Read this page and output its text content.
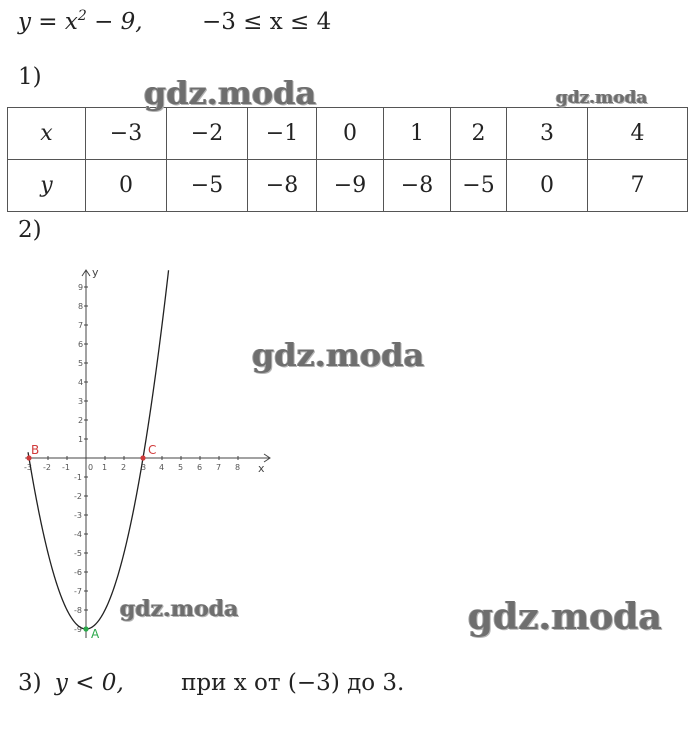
$y = x^2 - 9$,	−3 ≤ x ≤ 4
1)
x	−3	−2	−1	0	1	2	3	4
y	0	−5	−8	−9	−8	−5	0	7
2)
x
y
-2 -1	1 2	4 5 6 7 8
0
-3	3
9
8
7
6
5
4
3
2
1
-1
-2
-3
-4
-5
-6
-7
-8
-9
B	C
A
3) y < 0, при x от (−3) до 3.
gdz.moda	gdz.moda
gdz.moda
gdz.moda	gdz.moda
